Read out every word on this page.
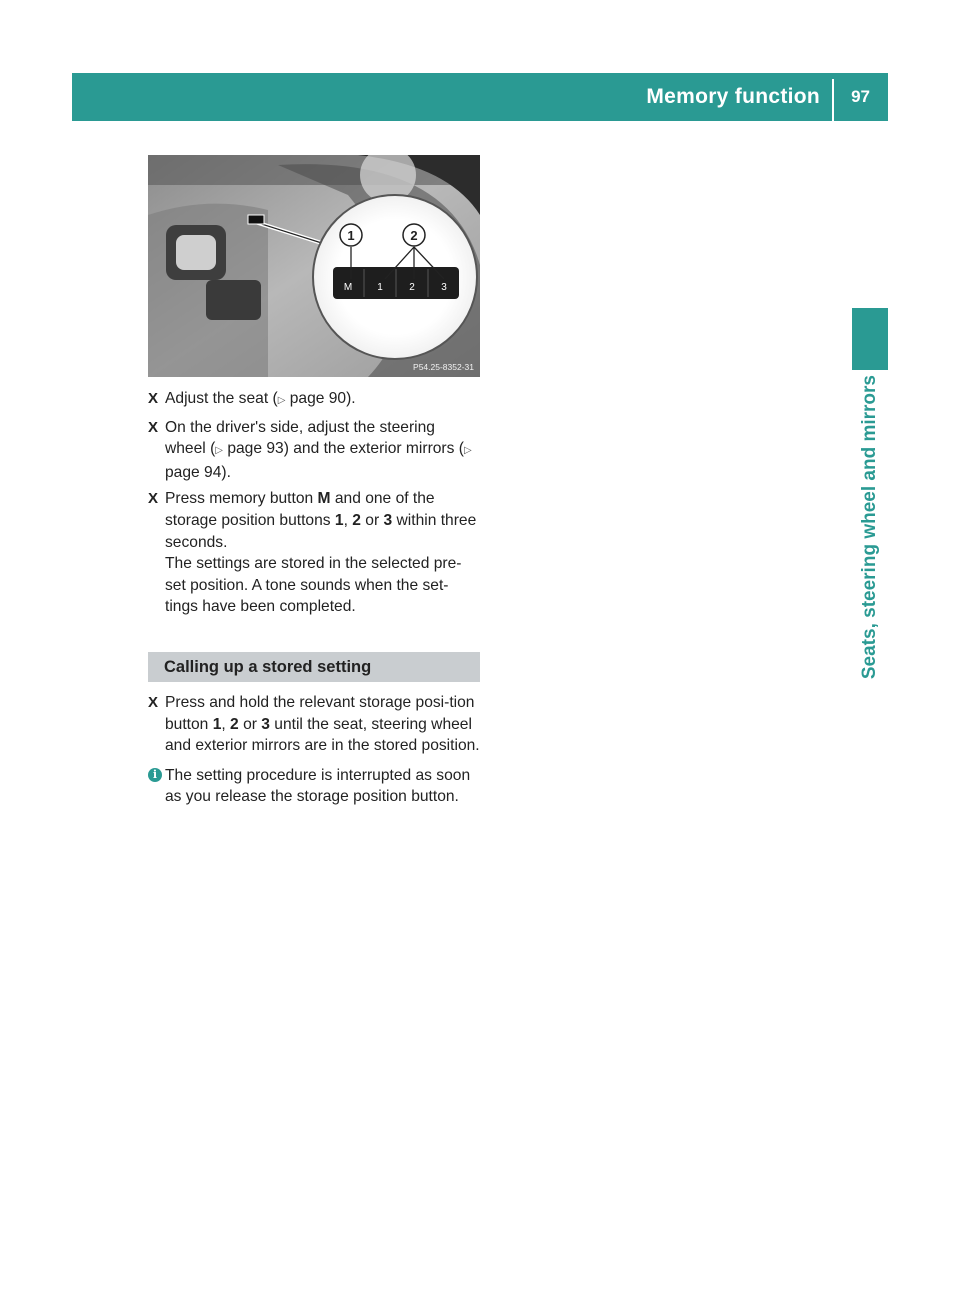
Memory function 97
Seats, steering wheel and mirrors
M	1	2	3
1	2
P54.25-8352-31
X Adjust the seat (▷ page 90).
X On the driver's side, adjust the steering wheel (▷ page 93) and the exterior mirrors (▷ page 94).
X Press memory button M and one of the storage position buttons 1, 2 or 3 within three seconds.
The settings are stored in the selected pre-set position. A tone sounds when the set-tings have been completed.
Calling up a stored setting
X Press and hold the relevant storage posi-tion button 1, 2 or 3 until the seat, steering wheel and exterior mirrors are in the stored position.
i The setting procedure is interrupted as soon as you release the storage position button.
